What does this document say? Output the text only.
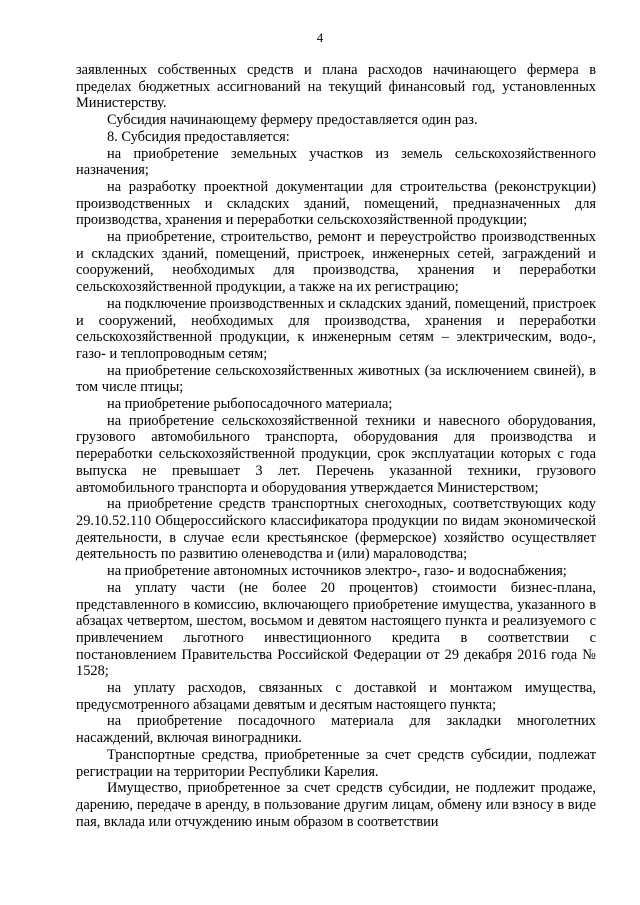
4

заявленных собственных средств и плана расходов начинающего фермера в пределах бюджетных ассигнований на текущий финансовый год, установленных Министерству.

Субсидия начинающему фермеру предоставляется один раз.

8. Субсидия предоставляется:

на приобретение земельных участков из земель сельскохозяйственного назначения;

на разработку проектной документации для строительства (реконструкции) производственных и складских зданий, помещений, предназначенных для производства, хранения и переработки сельскохозяйственной продукции;

на приобретение, строительство, ремонт и переустройство производственных и складских зданий, помещений, пристроек, инженерных сетей, заграждений и сооружений, необходимых для производства, хранения и переработки сельскохозяйственной продукции, а также на их регистрацию;

на подключение производственных и складских зданий, помещений, пристроек и сооружений, необходимых для производства, хранения и переработки сельскохозяйственной продукции, к инженерным сетям – электрическим, водо-, газо- и теплопроводным сетям;

на приобретение сельскохозяйственных животных (за исключением свиней), в том числе птицы;

на приобретение рыбопосадочного материала;

на приобретение сельскохозяйственной техники и навесного оборудования, грузового автомобильного транспорта, оборудования для производства и переработки сельскохозяйственной продукции, срок эксплуатации которых с года выпуска не превышает 3 лет. Перечень указанной техники, грузового автомобильного транспорта и оборудования утверждается Министерством;

на приобретение средств транспортных снегоходных, соответствующих коду 29.10.52.110 Общероссийского классификатора продукции по видам экономической деятельности, в случае если крестьянское (фермерское) хозяйство осуществляет деятельность по развитию оленеводства и (или) мараловодства;

на приобретение автономных источников электро-, газо- и водоснабжения;

на уплату части (не более 20 процентов) стоимости бизнес-плана, представленного в комиссию, включающего приобретение имущества, указанного в абзацах четвертом, шестом, восьмом и девятом настоящего пункта и реализуемого с привлечением льготного инвестиционного кредита в соответствии с постановлением Правительства Российской Федерации от 29 декабря 2016 года № 1528;

на уплату расходов, связанных с доставкой и монтажом имущества, предусмотренного абзацами девятым и десятым настоящего пункта;

на приобретение посадочного материала для закладки многолетних насаждений, включая виноградники.

Транспортные средства, приобретенные за счет средств субсидии, подлежат регистрации на территории Республики Карелия.

Имущество, приобретенное за счет средств субсидии, не подлежит продаже, дарению, передаче в аренду, в пользование другим лицам, обмену или взносу в виде пая, вклада или отчуждению иным образом в соответствии
